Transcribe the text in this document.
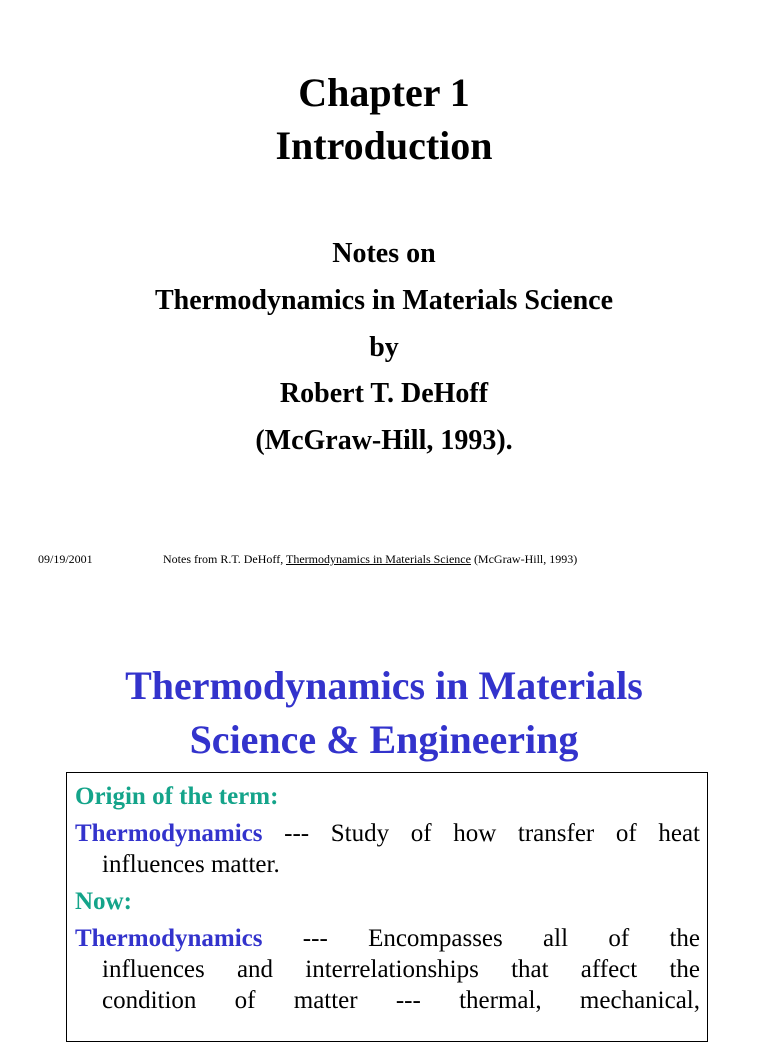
Chapter 1
Introduction
Notes on
Thermodynamics in Materials Science
by
Robert T. DeHoff
(McGraw-Hill, 1993).
09/19/2001	Notes from R.T. DeHoff, Thermodynamics in Materials Science (McGraw-Hill, 1993)
Thermodynamics in Materials
Science & Engineering
Origin of the term:

Thermodynamics --- Study of how transfer of heat

influences matter.

Now:

Thermodynamics --- Encompasses all of the

influences and interrelationships that affect the

condition of matter --- thermal, mechanical,
